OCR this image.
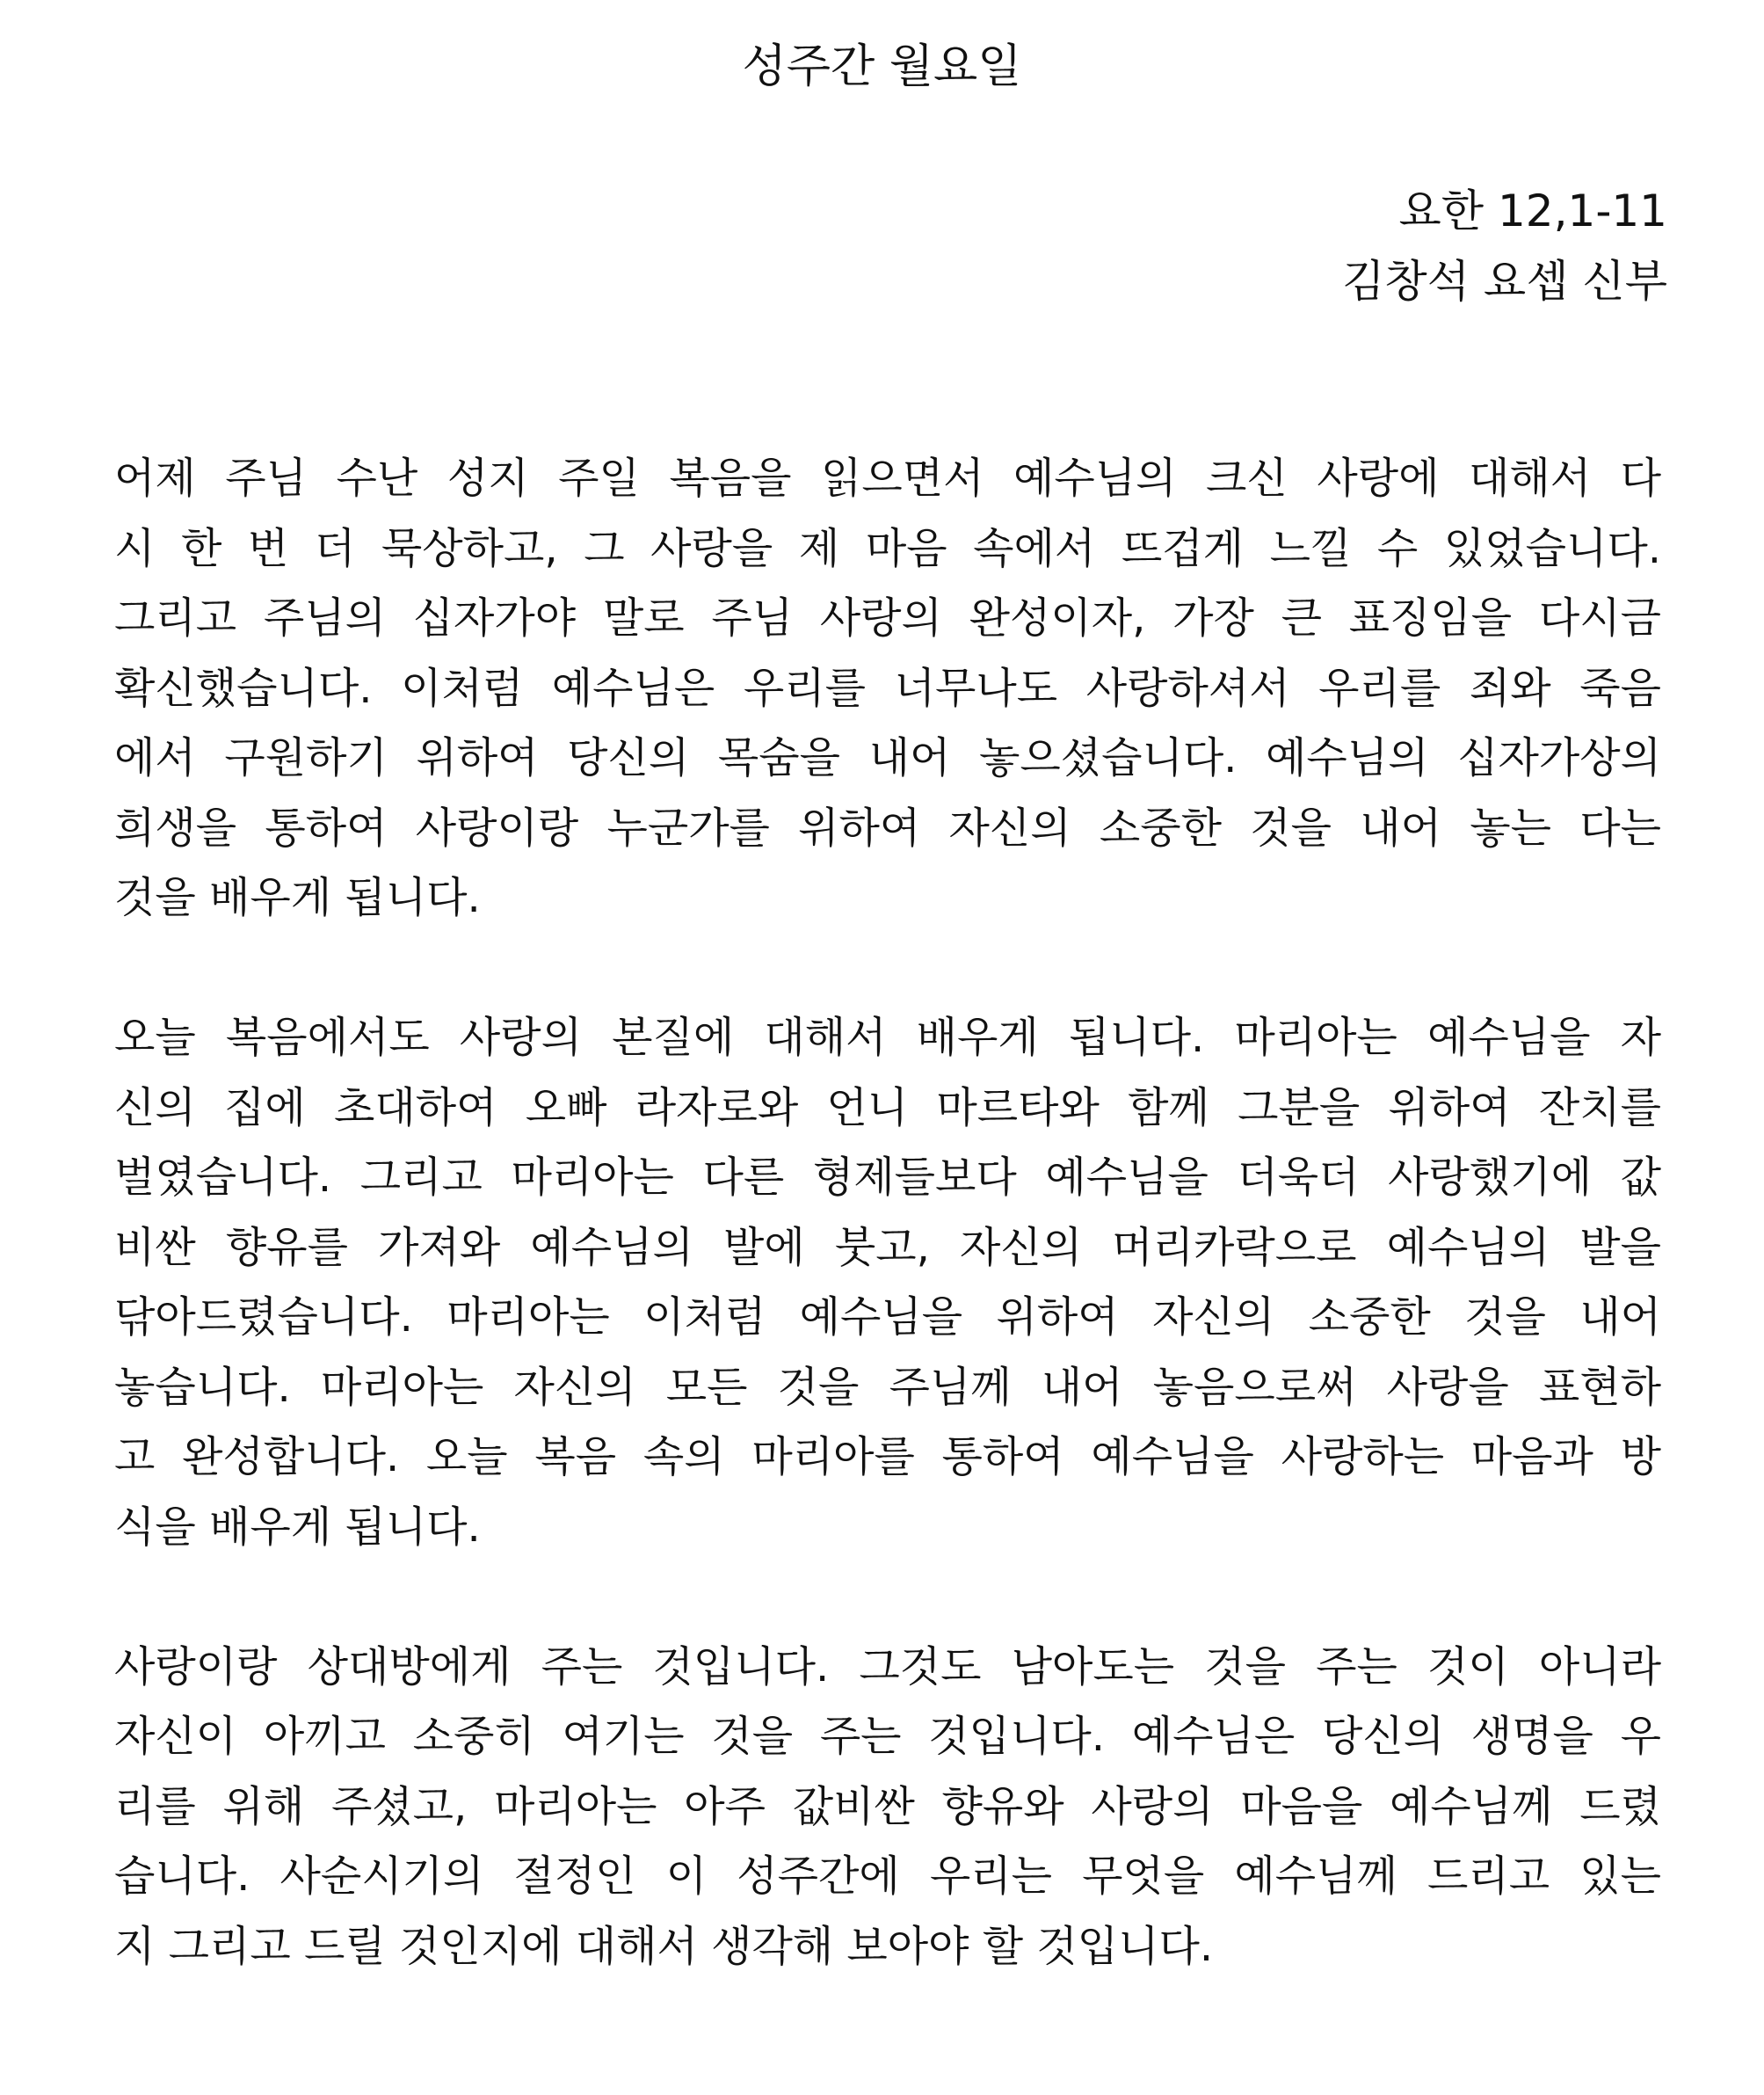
성주간 월요일
요한 12,1-11
김창석 요셉 신부

어제 주님 수난 성지 주일 복음을 읽으면서 예수님의 크신 사랑에 대해서 다
시 한 번 더 묵상하고, 그 사랑을 제 마음 속에서 뜨겁게 느낄 수 있었습니다.
그리고 주님의 십자가야 말로 주님 사랑의 완성이자, 가장 큰 표징임을 다시금
확신했습니다. 이처럼 예수님은 우리를 너무나도 사랑하셔서 우리를 죄와 죽음
에서 구원하기 위하여 당신의 목숨을 내어 놓으셨습니다. 예수님의 십자가상의
희생을 통하여 사랑이랑 누군가를 위하여 자신의 소중한 것을 내어 놓는 다는
것을 배우게 됩니다.

오늘 복음에서도 사랑의 본질에 대해서 배우게 됩니다. 마리아는 예수님을 자
신의 집에 초대하여 오빠 라자로와 언니 마르타와 함께 그분을 위하여 잔치를
벌였습니다. 그리고 마리아는 다른 형제들보다 예수님을 더욱더 사랑했기에 값
비싼 향유를 가져와 예수님의 발에 붓고, 자신의 머리카락으로 예수님의 발을
닦아드렸습니다. 마리아는 이처럼 예수님을 위하여 자신의 소중한 것을 내어
놓습니다. 마리아는 자신의 모든 것을 주님께 내어 놓음으로써 사랑을 표현하
고 완성합니다. 오늘 복음 속의 마리아를 통하여 예수님을 사랑하는 마음과 방
식을 배우게 됩니다.

사랑이랑 상대방에게 주는 것입니다. 그것도 남아도는 것을 주는 것이 아니라
자신이 아끼고 소중히 여기는 것을 주는 것입니다. 예수님은 당신의 생명을 우
리를 위해 주셨고, 마리아는 아주 값비싼 향유와 사랑의 마음을 예수님께 드렸
습니다. 사순시기의 절정인 이 성주간에 우리는 무엇을 예수님께 드리고 있는
지 그리고 드릴 것인지에 대해서 생각해 보아야 할 것입니다.
